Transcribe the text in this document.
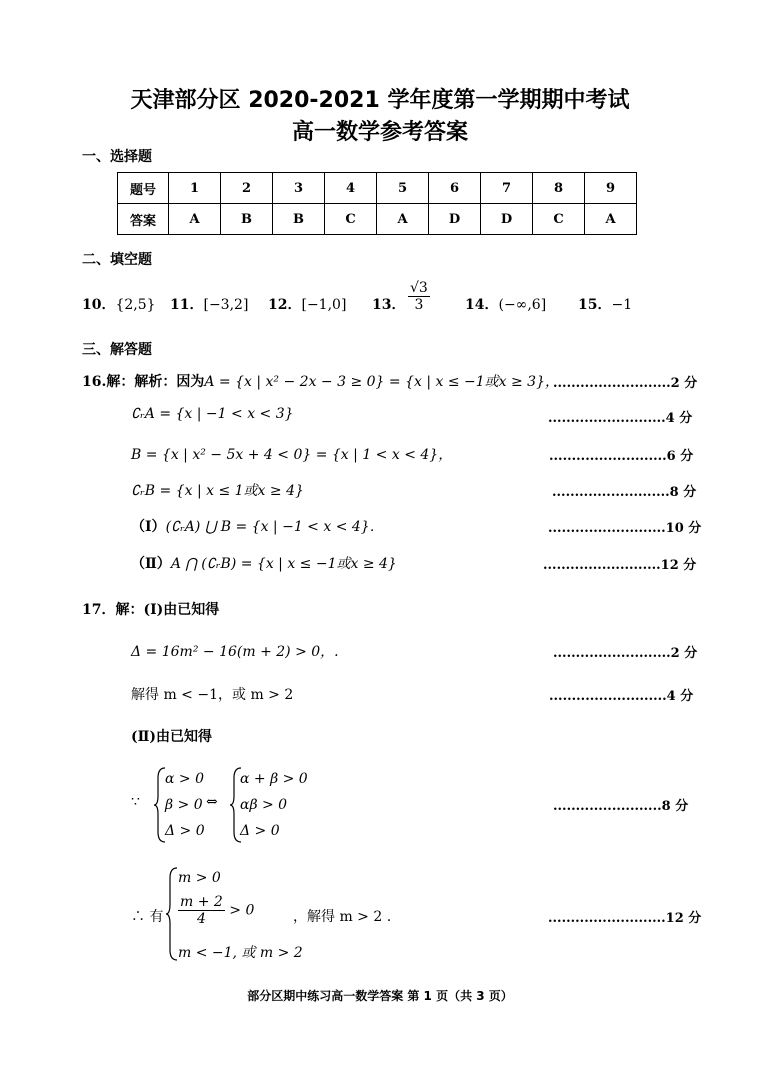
天津部分区 2020-2021 学年度第一学期期中考试
高一数学参考答案
一、选择题
题号	1	2	3	4	5	6	7	8	9
答案	A	B	B	C	A	D	D	C	A
二、填空题
10．{2,5} 11．[−3,2] 12．[−1,0] 13． $\frac{√3}{3}$	14．(−∞,6] 15．−1
三、解答题
16.解：解析：因为A = {x | x² − 2x − 3 ≥ 0} = {x | x ≤ −1或x ≥ 3}，
..........................2 分
∁ᵣA = {x | −1 < x < 3}	..........................4 分
B = {x | x² − 5x + 4 < 0} = {x | 1 < x < 4}，	..........................6 分
∁ᵣB = {x | x ≤ 1或x ≥ 4}	..........................8 分
（Ⅰ）(∁ᵣA) ⋃ B = {x | −1 < x < 4}．	..........................10 分
（Ⅱ）A ⋂ (∁ᵣB) = {x | x ≤ −1或x ≥ 4}	..........................12 分
17．解：(Ⅰ)由已知得
Δ = 16m² − 16(m + 2) > 0，.	..........................2 分
解得 m < −1，或 m > 2	..........................4 分
(Ⅱ)由已知得
∵
α > 0
β > 0
Δ > 0
⇔
α + β > 0
αβ > 0
Δ > 0
........................8 分
∴ 有
m > 0
$\frac{m + 2}{4} > 0$
m < −1, 或 m > 2
，解得 m > 2 .	..........................12 分
部分区期中练习高一数学答案 第 1 页（共 3 页）
